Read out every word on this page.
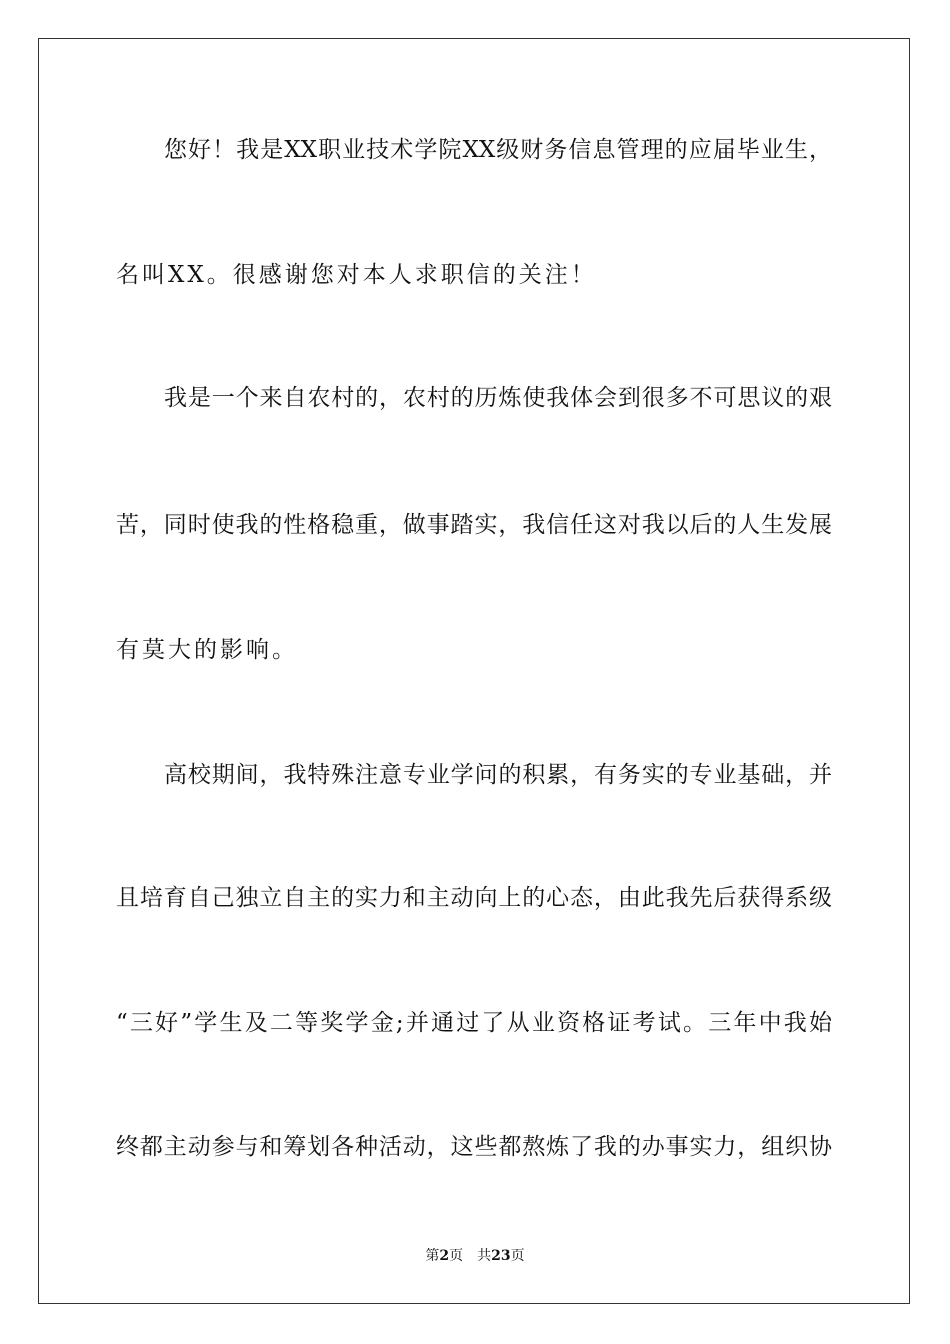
您好！我是XX职业技术学院XX级财务信息管理的应届毕业生，
名叫XX。很感谢您对本人求职信的关注！
我是一个来自农村的，农村的历炼使我体会到很多不可思议的艰
苦，同时使我的性格稳重，做事踏实，我信任这对我以后的人生发展
有莫大的影响。
高校期间，我特殊注意专业学问的积累，有务实的专业基础，并
且培育自己独立自主的实力和主动向上的心态，由此我先后获得系级
“三好”学生及二等奖学金;并通过了从业资格证考试。三年中我始
终都主动参与和筹划各种活动，这些都熬炼了我的办事实力，组织协
第2页 共23页
